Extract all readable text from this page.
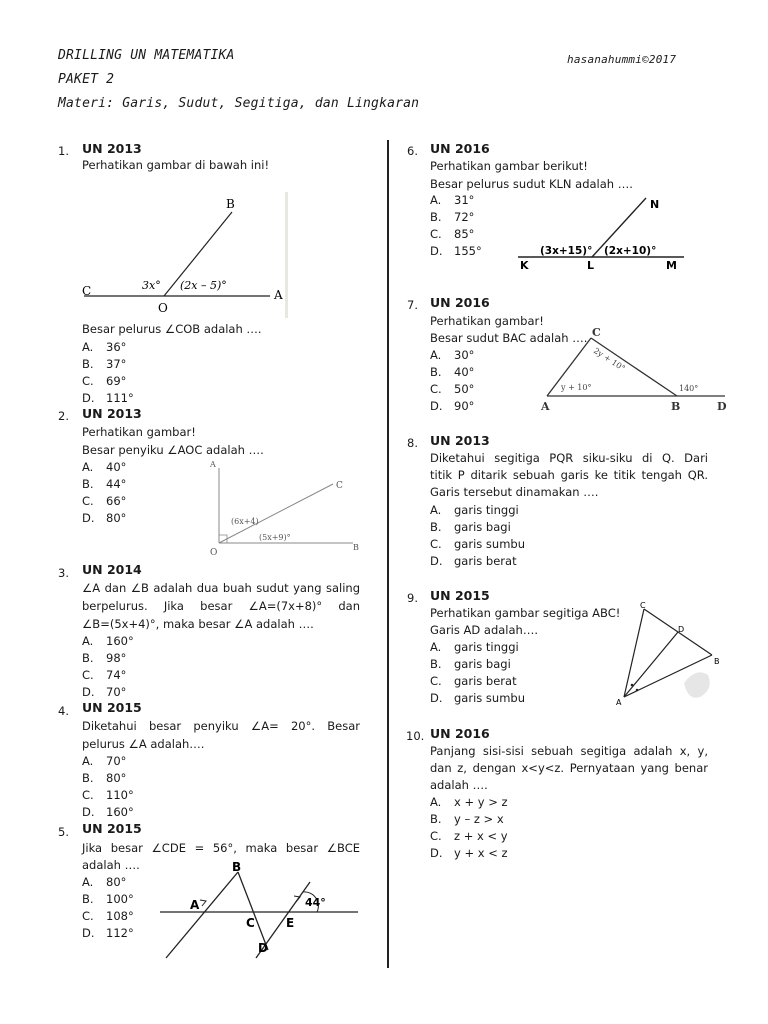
DRILLING UN MATEMATIKA
PAKET 2
Materi: Garis, Sudut, Segitiga, dan Lingkaran
hasanahummi©2017
1. UN 2013
Perhatikan gambar di bawah ini!
B
C
O
A
3x° (2x – 5)°
Besar pelurus ∠COB adalah ….
A. 36°
B. 37°
C. 69°
D. 111°
2. UN 2013
Perhatikan gambar!
Besar penyiku ∠AOC adalah ….
A. 40°
B. 44°
C. 66°
D. 80°
A
C
O
B
(6x+4)
(5x+9)°
3. UN 2014
∠A dan ∠B adalah dua buah sudut yang saling
berpelurus. Jika besar ∠A=(7x+8)° dan
∠B=(5x+4)°, maka besar ∠A adalah ….
A. 160°
B. 98°
C. 74°
D. 70°
4. UN 2015
Diketahui besar penyiku ∠A= 20°. Besar
pelurus ∠A adalah….
A. 70°
B. 80°
C. 110°
D. 160°
5. UN 2015
Jika besar ∠CDE = 56°, maka besar ∠BCE
adalah ….
A. 80°
B. 100°
C. 108°
D. 112°
B
A
C	E
D
44°
6. UN 2016
Perhatikan gambar berikut!
Besar pelurus sudut KLN adalah ….
A. 31°
B. 72°
C. 85°
D. 155°
N
(3x+15)° (2x+10)°
K	L	M
7. UN 2016
Perhatikan gambar!
Besar sudut BAC adalah ….
A. 30°
B. 40°
C. 50°
D. 90°
C
2y + 10°
y + 10°	140°
A	B	D
8. UN 2013
Diketahui segitiga PQR siku-siku di Q. Dari
titik P ditarik sebuah garis ke titik tengah QR.
Garis tersebut dinamakan ….
A. garis tinggi
B. garis bagi
C. garis sumbu
D. garis berat
9. UN 2015
Perhatikan gambar segitiga ABC!
Garis AD adalah….
A. garis tinggi
B. garis bagi
C. garis berat
D. garis sumbu
C
D
B
A
10. UN 2016
Panjang sisi-sisi sebuah segitiga adalah x, y,
dan z, dengan x<y<z. Pernyataan yang benar
adalah ….
A. x + y > z
B. y – z > x
C. z + x < y
D. y + x < z
